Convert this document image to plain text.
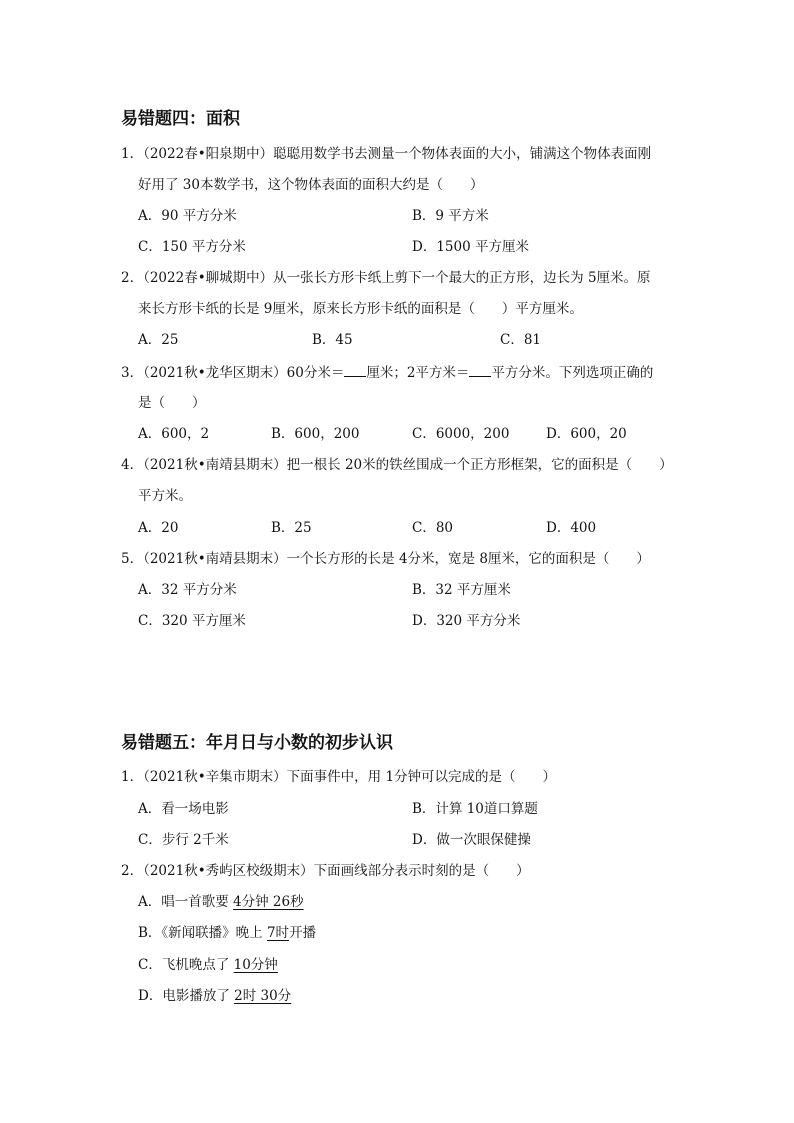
易错题四：面积
1．（2022春•阳泉期中）聪聪用数学书去测量一个物体表面的大小，铺满这个物体表面刚
好用了 30本数学书，这个物体表面的面积大约是（　　）
A．90 平方分米	B．9 平方米
C．150 平方分米	D．1500 平方厘米
2．（2022春•聊城期中）从一张长方形卡纸上剪下一个最大的正方形，边长为 5厘米。原
来长方形卡纸的长是 9厘米，原来长方形卡纸的面积是（　　）平方厘米。
A．25	B．45	C．81
3．（2021秋•龙华区期末）60分米＝ 厘米；2平方米＝ 平方分米。下列选项正确的
是（　　）
A．600，2	B．600，200	C．6000，200	D．600，20
4．（2021秋•南靖县期末）把一根长 20米的铁丝围成一个正方形框架，它的面积是（　　）
平方米。
A．20	B．25	C．80	D．400
5．（2021秋•南靖县期末）一个长方形的长是 4分米，宽是 8厘米，它的面积是（　　）
A．32 平方分米	B．32 平方厘米
C．320 平方厘米	D．320 平方分米
易错题五：年月日与小数的初步认识
1．（2021秋•辛集市期末）下面事件中，用 1分钟可以完成的是（　　）
A．看一场电影	B．计算 10道口算题
C．步行 2千米	D．做一次眼保健操
2．（2021秋•秀屿区校级期末）下面画线部分表示时刻的是（　　）
A．唱一首歌要 4分钟 26秒
B．《新闻联播》晚上 7时开播
C．飞机晚点了 10分钟
D．电影播放了 2时 30分
